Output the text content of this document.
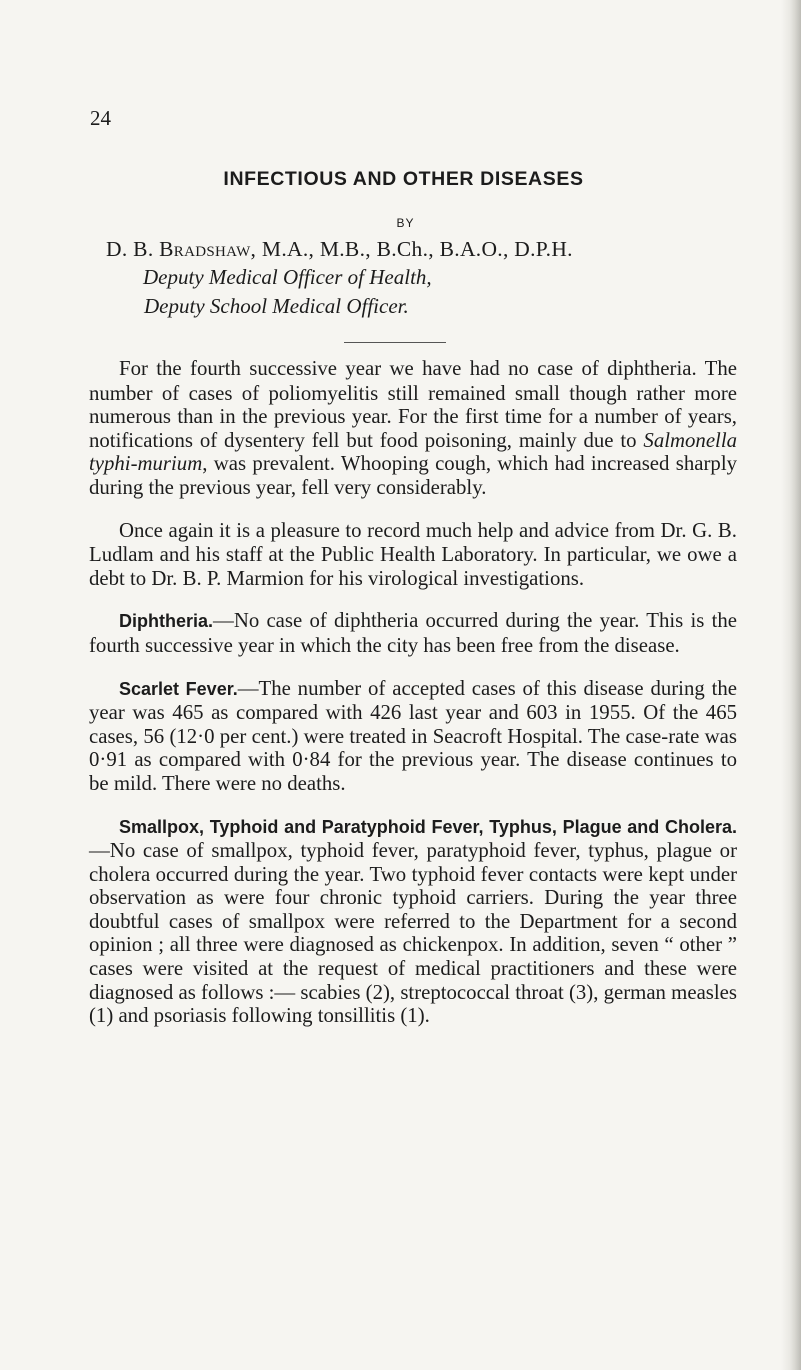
24
INFECTIOUS AND OTHER DISEASES
BY
D. B. Bradshaw, M.A., M.B., B.Ch., B.A.O., D.P.H.
Deputy Medical Officer of Health,
Deputy School Medical Officer.

For the fourth successive year we have had no case of diphtheria. The number of cases of poliomyelitis still remained small though rather more numerous than in the previous year. For the first time for a number of years, notifications of dysentery fell but food poisoning, mainly due to Salmonella typhi-murium, was prevalent. Whooping cough, which had increased sharply during the previous year, fell very considerably.

Once again it is a pleasure to record much help and advice from Dr. G. B. Ludlam and his staff at the Public Health Laboratory. In particular, we owe a debt to Dr. B. P. Marmion for his virological investigations.

Diphtheria.—No case of diphtheria occurred during the year. This is the fourth successive year in which the city has been free from the disease.

Scarlet Fever.—The number of accepted cases of this disease during the year was 465 as compared with 426 last year and 603 in 1955. Of the 465 cases, 56 (12·0 per cent.) were treated in Seacroft Hospital. The case-rate was 0·91 as compared with 0·84 for the previous year. The disease continues to be mild. There were no deaths.

Smallpox, Typhoid and Paratyphoid Fever, Typhus, Plague and Cholera.—No case of smallpox, typhoid fever, paratyphoid fever, typhus, plague or cholera occurred during the year. Two typhoid fever contacts were kept under observation as were four chronic typhoid carriers. During the year three doubtful cases of smallpox were referred to the Department for a second opinion ; all three were diagnosed as chickenpox. In addition, seven “ other ” cases were visited at the request of medical practitioners and these were diagnosed as follows :— scabies (2), streptococcal throat (3), german measles (1) and psoriasis following tonsillitis (1).
